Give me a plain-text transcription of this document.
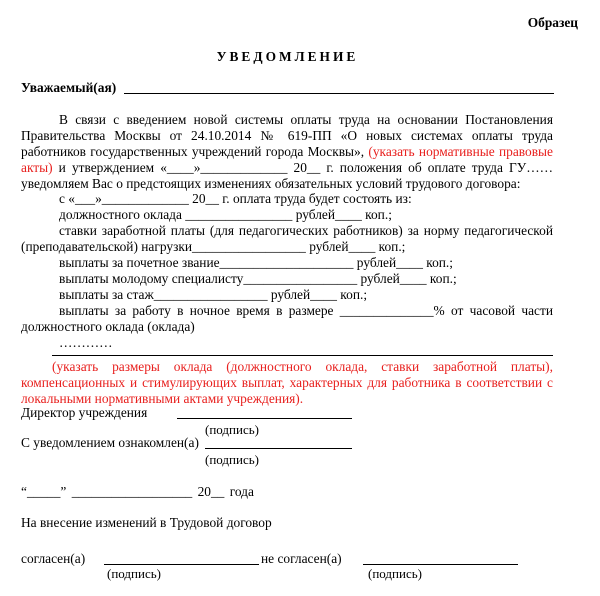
Образец
УВЕДОМЛЕНИЕ
Уважаемый(ая)
В связи с введением новой системы оплаты труда на основании Постановления
Правительства Москвы от 24.10.2014 № 619-ПП «О новых системах оплаты труда
работников государственных учреждений города Москвы», (указать нормативные правовые
акты) и утверждением «____»_____________ 20__ г. положения об оплате труда ГУ……
уведомляем Вас о предстоящих изменениях обязательных условий трудового договора:
с «___»_____________ 20__ г. оплата труда будет состоять из:
должностного оклада ________________ рублей____ коп.;
ставки заработной платы (для педагогических работников) за норму педагогической
(преподавательской) нагрузки_________________ рублей____ коп.;
выплаты за почетное звание____________________ рублей____ коп.;
выплаты молодому специалисту_________________ рублей____ коп.;
выплаты за стаж_________________ рублей____ коп.;
выплаты за работу в ночное время в размере ______________% от часовой части
должностного оклада (оклада)
…………
(указать размеры оклада (должностного оклада, ставки заработной платы),
компенсационных и стимулирующих выплат, характерных для работника в соответствии с
локальными нормативными актами учреждения).
Директор учреждения
(подпись)
С уведомлением ознакомлен(а)
(подпись)
“_____” __________________ 20__ года
На внесение изменений в Трудовой договор
согласен(а)	не согласен(а)
(подпись)	(подпись)
